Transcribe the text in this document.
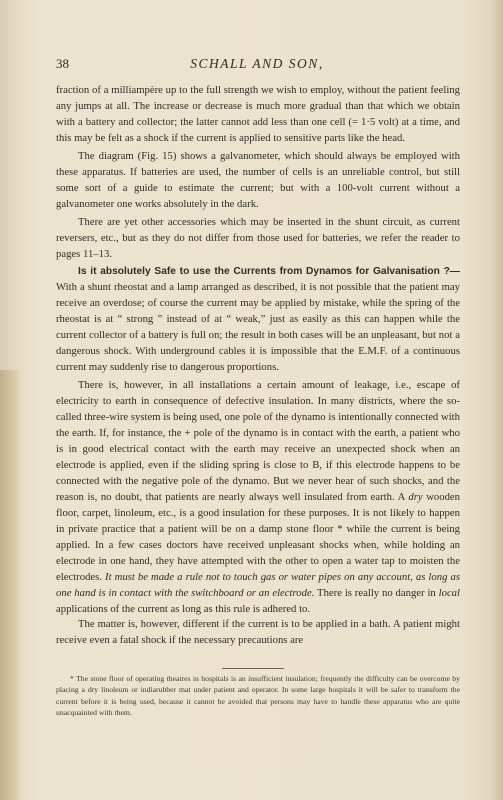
38	SCHALL AND SON,

fraction of a milliampère up to the full strength we wish to employ, without the patient feeling any jumps at all. The increase or decrease is much more gradual than that which we obtain with a battery and collector; the latter cannot add less than one cell (= 1·5 volt) at a time, and this may be felt as a shock if the current is applied to sensitive parts like the head.

The diagram (Fig. 15) shows a galvanometer, which should always be employed with these apparatus. If batteries are used, the number of cells is an unreliable control, but still some sort of a guide to estimate the current; but with a 100-volt current without a galvanometer one works absolutely in the dark.

There are yet other accessories which may be inserted in the shunt circuit, as current reversers, etc., but as they do not differ from those used for batteries, we refer the reader to pages 11–13.

Is it absolutely Safe to use the Currents from Dynamos for Galvanisation ?— With a shunt rheostat and a lamp arranged as described, it is not possible that the patient may receive an overdose; of course the current may be applied by mistake, while the spring of the rheostat is at “ strong ” instead of at “ weak,” just as easily as this can happen while the current collector of a battery is full on; the result in both cases will be an unpleasant, but not a dangerous shock. With underground cables it is impossible that the E.M.F. of a continuous current may suddenly rise to dangerous proportions.

There is, however, in all installations a certain amount of leakage, i.e., escape of electricity to earth in consequence of defective insulation. In many districts, where the so-called three-wire system is being used, one pole of the dynamo is intentionally connected with the earth. If, for instance, the + pole of the dynamo is in contact with the earth, a patient who is in good electrical contact with the earth may receive an unexpected shock when an electrode is applied, even if the sliding spring is close to B, if this electrode happens to be connected with the negative pole of the dynamo. But we never hear of such shocks, and the reason is, no doubt, that patients are nearly always well insulated from earth. A dry wooden floor, carpet, linoleum, etc., is a good insulation for these purposes. It is not likely to happen in private practice that a patient will be on a damp stone floor * while the current is being applied. In a few cases doctors have received unpleasant shocks when, while holding an electrode in one hand, they have attempted with the other to open a water tap to moisten the electrodes. It must be made a rule not to touch gas or water pipes on any account, as long as one hand is in contact with the switchboard or an electrode. There is really no danger in local applications of the current as long as this rule is adhered to.

The matter is, however, different if the current is to be applied in a bath. A patient might receive even a fatal shock if the necessary precautions are

* The stone floor of operating theatres in hospitals is an insufficient insulation; frequently the difficulty can be overcome by placing a dry linoleum or indiarubber mat under patient and operator. In some large hospitals it will be safer to transform the current before it is being used, because it cannot be avoided that persons may have to handle these apparatus who are quite unacquainted with them.
